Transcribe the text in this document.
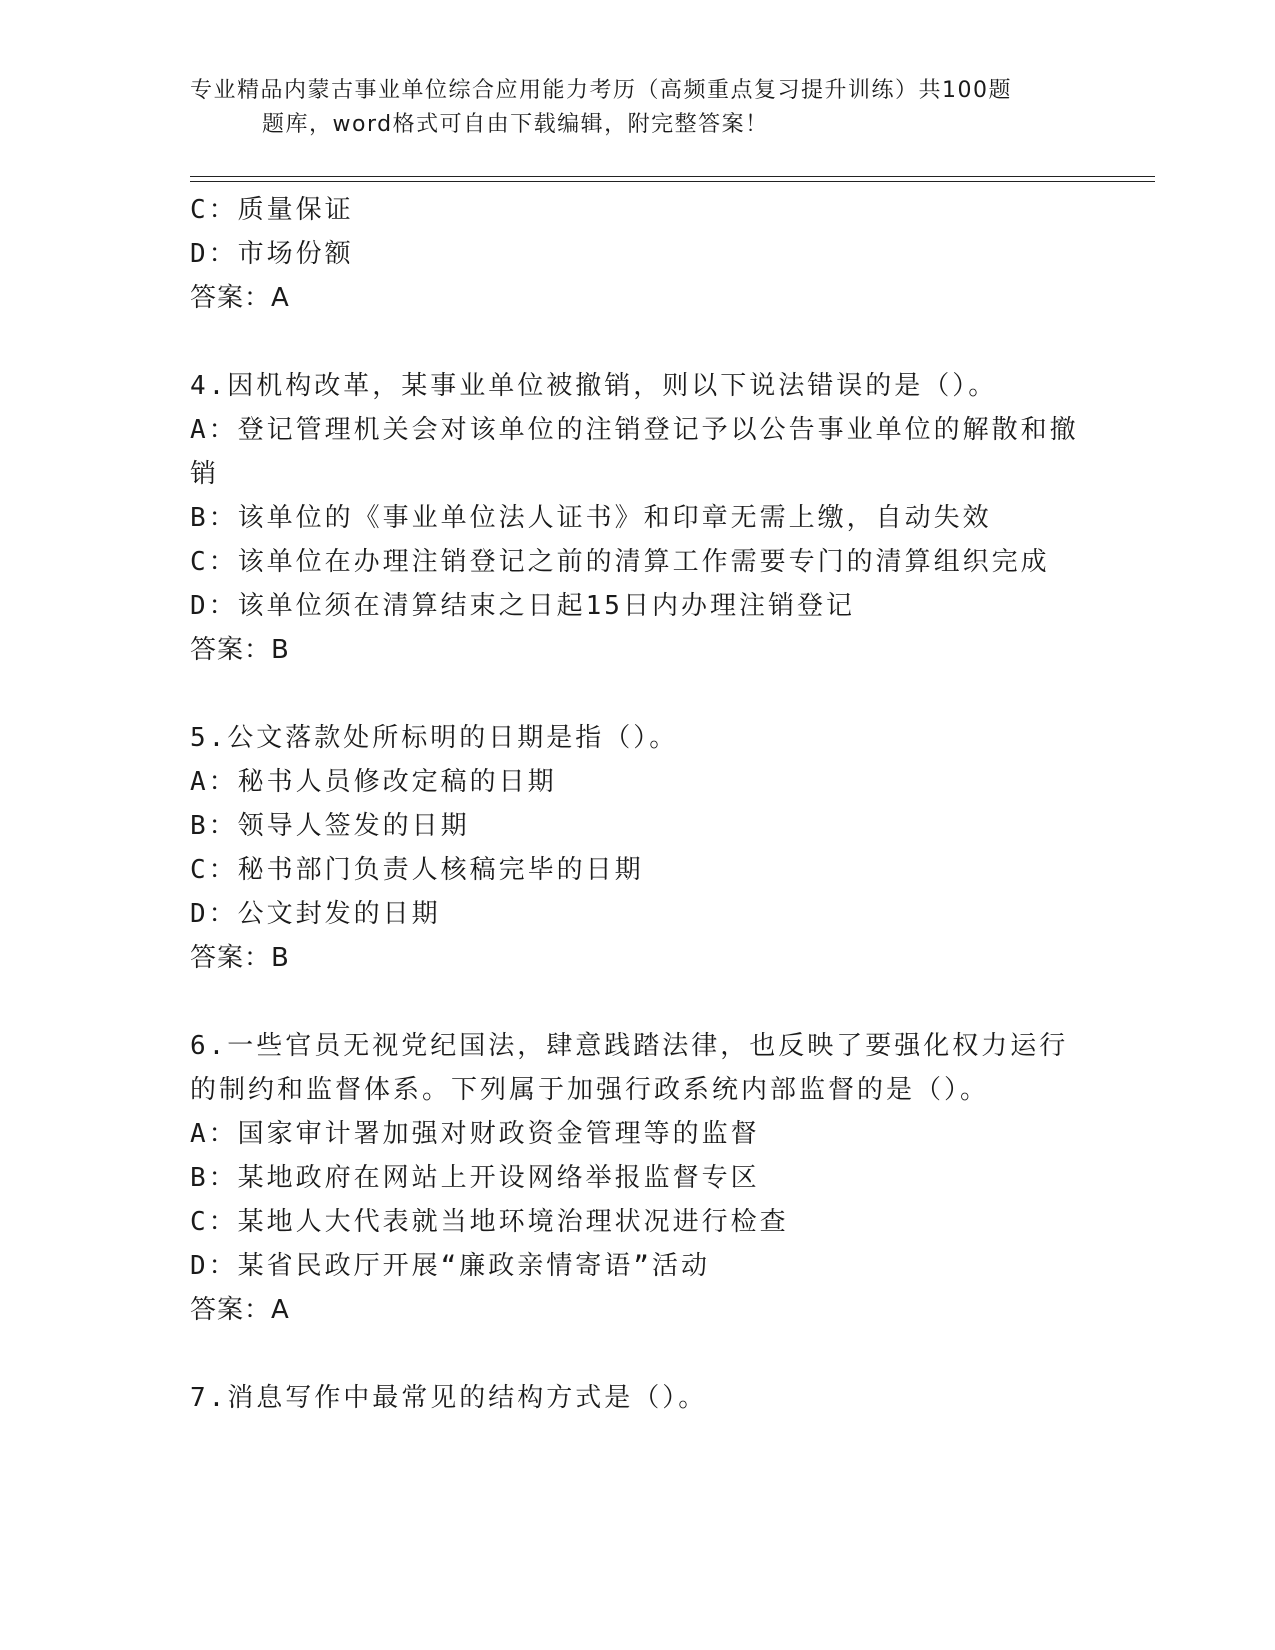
专业精品内蒙古事业单位综合应用能力考历（高频重点复习提升训练）共100题
题库，word格式可自由下载编辑，附完整答案！
C：质量保证
D：市场份额
答案：A
4.因机构改革，某事业单位被撤销，则以下说法错误的是（）。
A：登记管理机关会对该单位的注销登记予以公告事业单位的解散和撤
销
B：该单位的《事业单位法人证书》和印章无需上缴，自动失效
C：该单位在办理注销登记之前的清算工作需要专门的清算组织完成
D：该单位须在清算结束之日起15日内办理注销登记
答案：B
5.公文落款处所标明的日期是指（）。
A：秘书人员修改定稿的日期
B：领导人签发的日期
C：秘书部门负责人核稿完毕的日期
D：公文封发的日期
答案：B
6.一些官员无视党纪国法，肆意践踏法律，也反映了要强化权力运行
的制约和监督体系。下列属于加强行政系统内部监督的是（）。
A：国家审计署加强对财政资金管理等的监督
B：某地政府在网站上开设网络举报监督专区
C：某地人大代表就当地环境治理状况进行检查
D：某省民政厅开展“廉政亲情寄语”活动
答案：A
7.消息写作中最常见的结构方式是（）。
